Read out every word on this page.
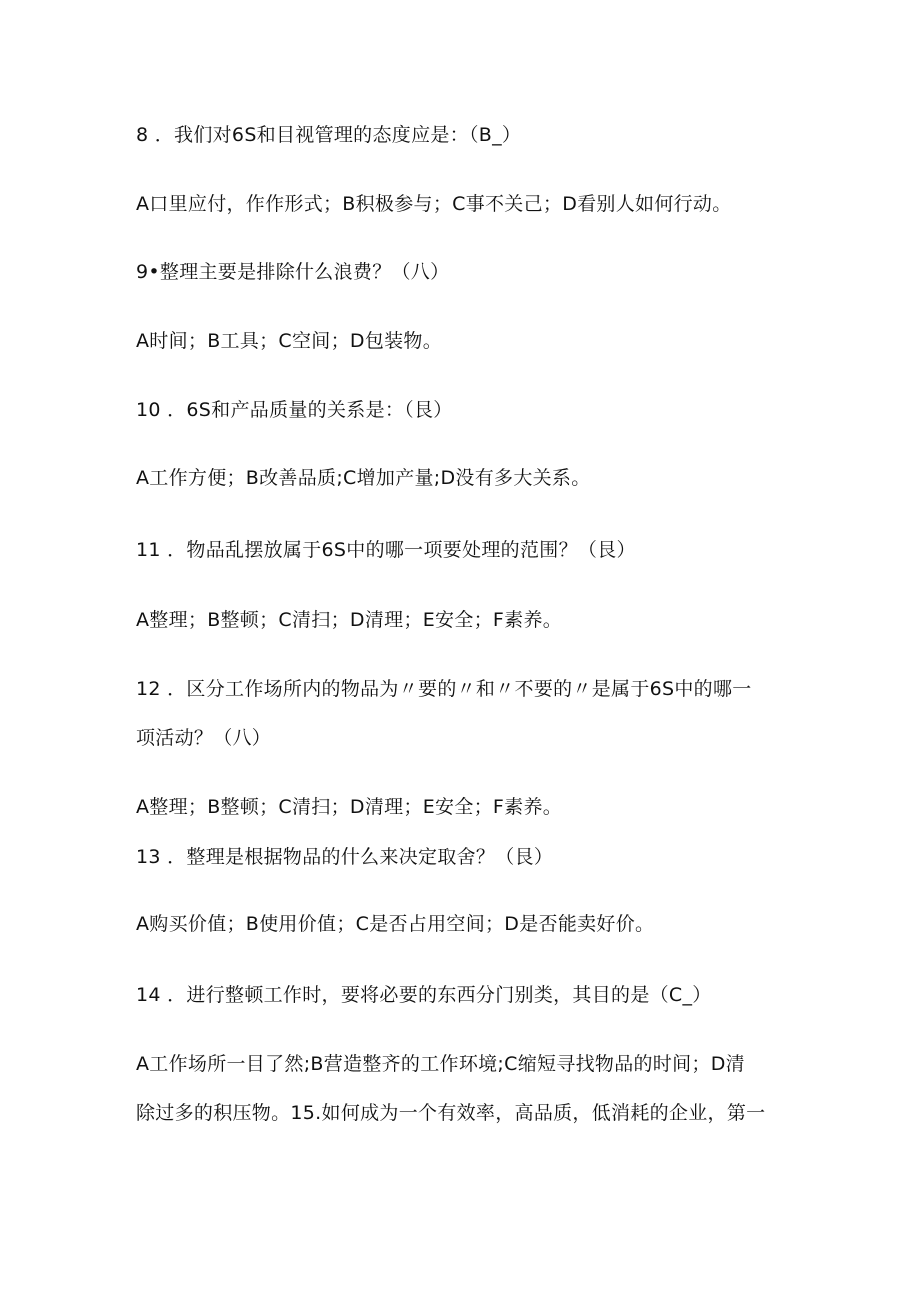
8 ．我们对6S和目视管理的态度应是：（B_）
A口里应付，作作形式；B积极参与；C事不关己；D看别人如何行动。
9•整理主要是排除什么浪费？（八）
A时间；B工具；C空间；D包装物。
10 ．6S和产品质量的关系是：（艮）
A工作方便；B改善品质;C增加产量;D没有多大关系。
11 ．物品乱摆放属于6S中的哪一项要处理的范围？（艮）
A整理；B整顿；C清扫；D清理；E安全；F素养。
12 ．区分工作场所内的物品为〃要的〃和〃不要的〃是属于6S中的哪一
项活动？（八）
A整理；B整顿；C清扫；D清理；E安全；F素养。
13 ．整理是根据物品的什么来决定取舍？（艮）
A购买价值；B使用价值；C是否占用空间；D是否能卖好价。
14 ．进行整顿工作时，要将必要的东西分门别类，其目的是（C_）
A工作场所一目了然;B营造整齐的工作环境;C缩短寻找物品的时间；D清
除过多的积压物。15.如何成为一个有效率，高品质，低消耗的企业，第一
